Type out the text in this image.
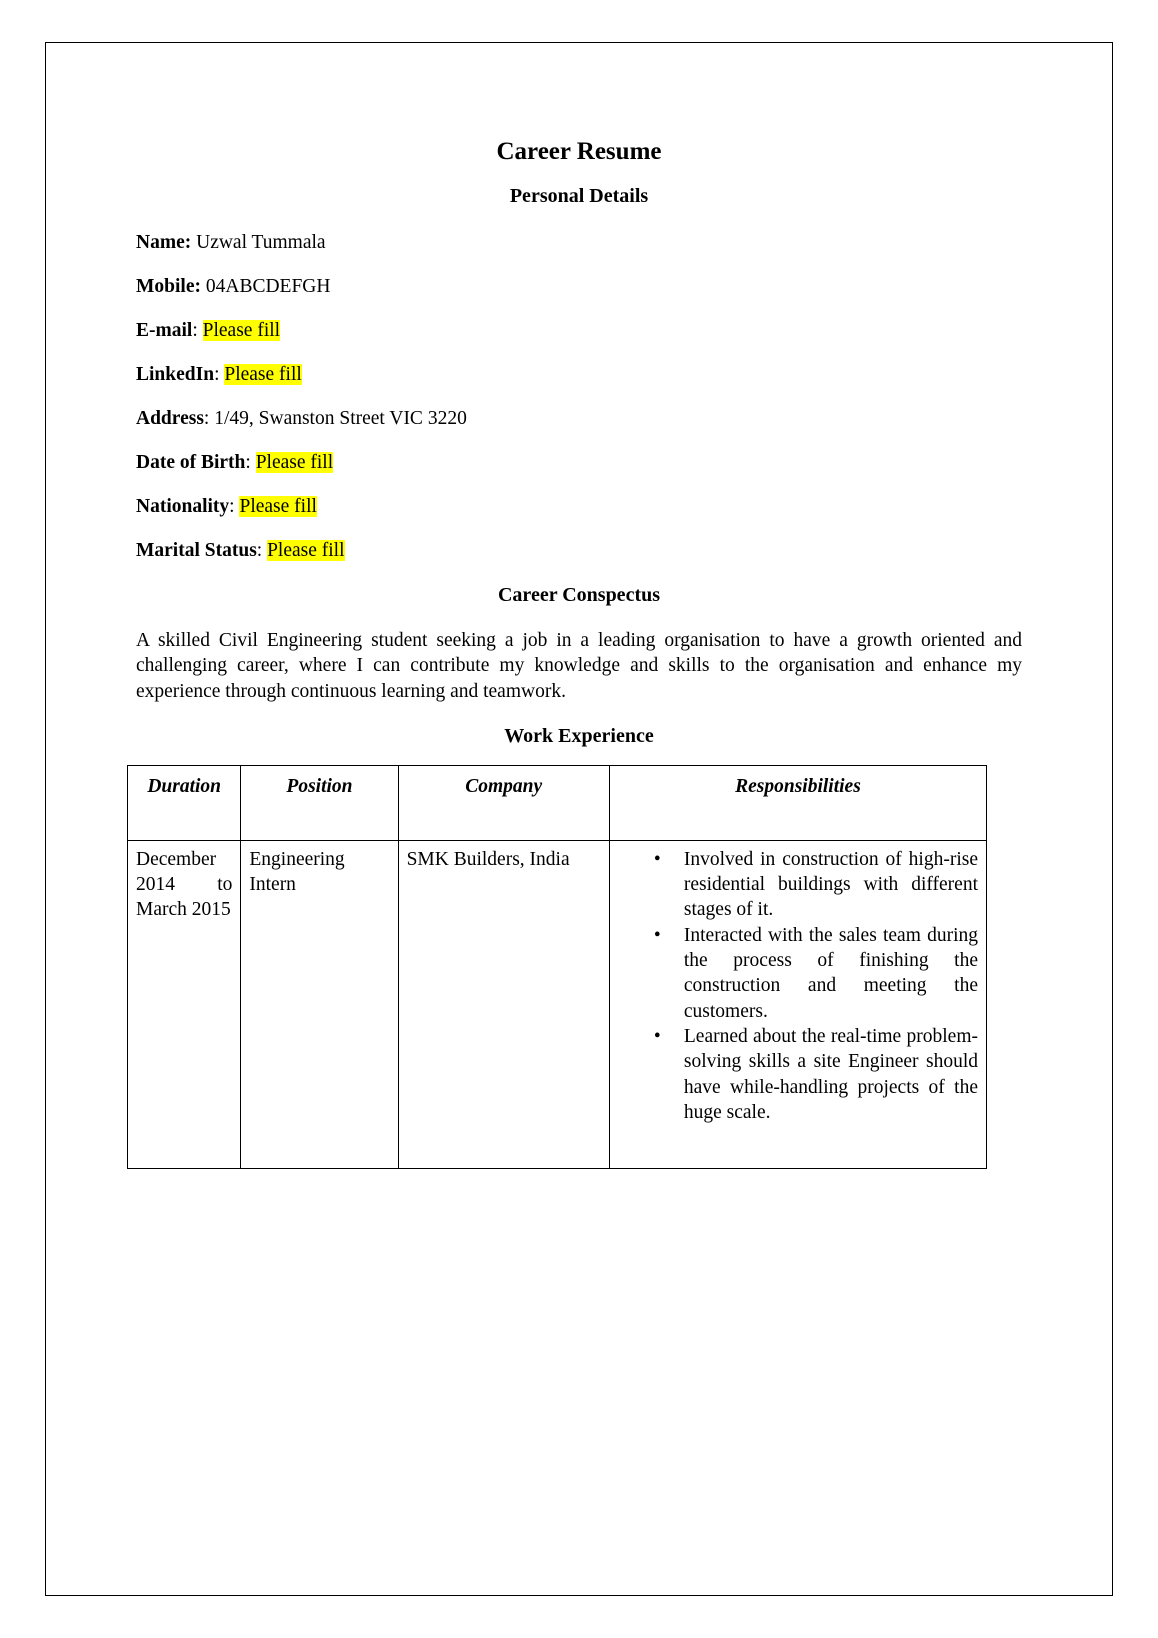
Career Resume
Personal Details

Name: Uzwal Tummala

Mobile: 04ABCDEFGH

E-mail: Please fill

LinkedIn: Please fill

Address: 1/49, Swanston Street VIC 3220

Date of Birth: Please fill

Nationality: Please fill

Marital Status: Please fill

Career Conspectus

A skilled Civil Engineering student seeking a job in a leading organisation to have a growth oriented and challenging career, where I can contribute my knowledge and skills to the organisation and enhance my experience through continuous learning and teamwork.

Work Experience
Duration	Position	Company	Responsibilities
December 2014 to March 2015	Engineering Intern	SMK Builders, India	• Involved in construction of high-rise residential buildings with different stages of it.
• Interacted with the sales team during the process of finishing the construction and meeting the customers.
• Learned about the real-time problem-solving skills a site Engineer should have while-handling projects of the huge scale.
